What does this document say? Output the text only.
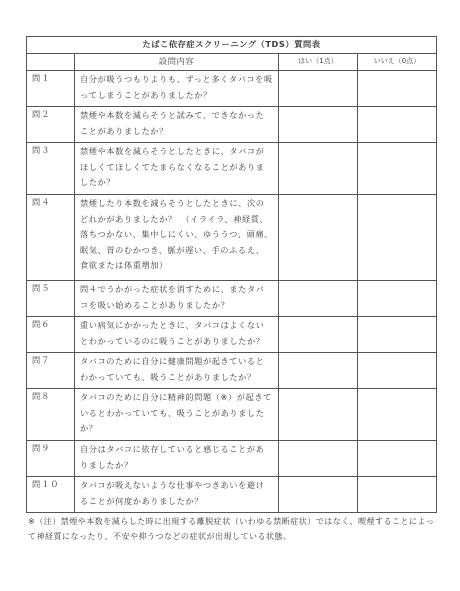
たばこ依存症スクリーニング（TDS）質問表			
	設問内容	はい（1点）	いいえ（0点）
問１	自分が吸うつもりよりも、ずっと多くタバコを吸ってしまうことがありましたか？		
問２	禁煙や本数を減らそうと試みて、できなかったことがありましたか？		
問３	禁煙や本数を減らそうとしたときに、タバコがほしくてほしくてたまらなくなることがありましたか？		
問４	禁煙したり本数を減らそうとしたときに、次のどれかがありましたか？　（イライラ、神経質、落ちつかない、集中しにくい、ゆううつ、頭痛、眠気、胃のむかつき、脈が遅い、手のふるえ、食欲または体重増加）		
問５	問４でうかがった症状を消すために、またタバコを吸い始めることがありましたか？		
問６	重い病気にかかったときに、タバコはよくないとわかっているのに吸うことがありましたか？		
問７	タバコのために自分に健康問題が起きているとわかっていても、吸うことがありましたか？		
問８	タバコのために自分に精神的問題（※）が起きているとわかっていても、吸うことがありましたか？		
問９	自分はタバコに依存していると感じることがありましたか？		
問１０	タバコが吸えないような仕事やつきあいを避けることが何度かありましたか？		
※（注）禁煙や本数を減らした時に出現する離脱症状（いわゆる禁断症状）ではなく、喫煙することによって神経質になったり、不安や抑うつなどの症状が出現している状態。
